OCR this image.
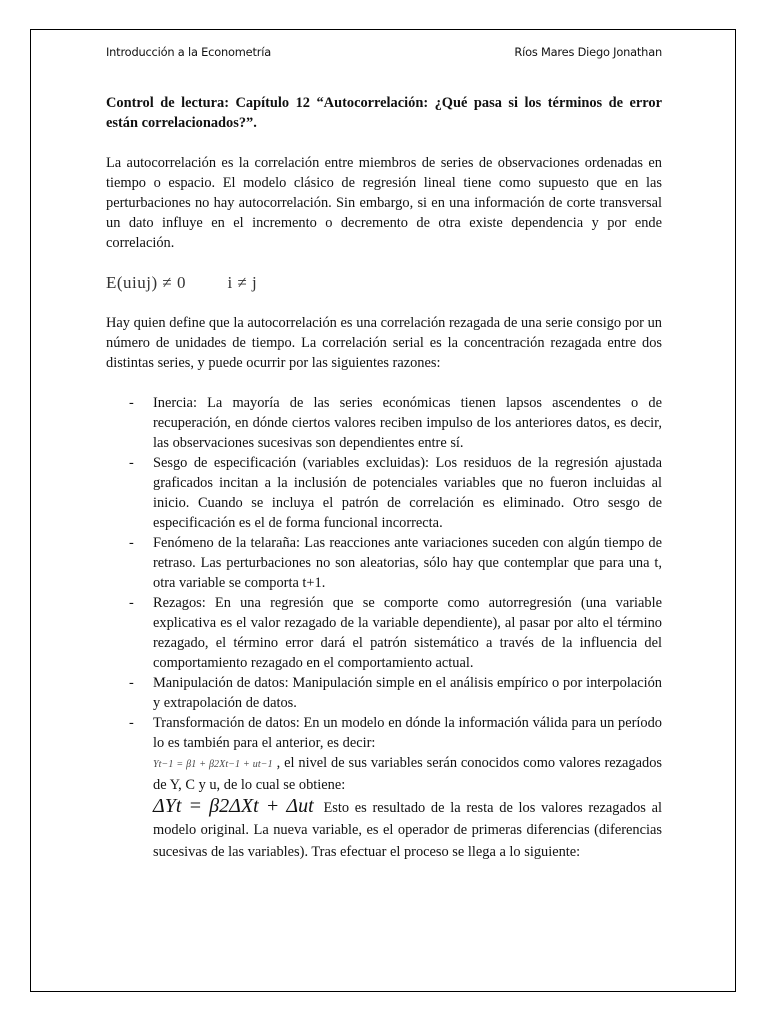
Introducción a la Econometría	Ríos Mares Diego Jonathan

Control de lectura: Capítulo 12 “Autocorrelación: ¿Qué pasa si los términos de error están correlacionados?”.

La autocorrelación es la correlación entre miembros de series de observaciones ordenadas en tiempo o espacio. El modelo clásico de regresión lineal tiene como supuesto que en las perturbaciones no hay autocorrelación. Sin embargo, si en una información de corte transversal un dato influye en el incremento o decremento de otra existe dependencia y por ende correlación.

E(uiuj) ≠ 0 i ≠ j

Hay quien define que la autocorrelación es una correlación rezagada de una serie consigo por un número de unidades de tiempo. La correlación serial es la concentración rezagada entre dos distintas series, y puede ocurrir por las siguientes razones:

- Inercia: La mayoría de las series económicas tienen lapsos ascendentes o de recuperación, en dónde ciertos valores reciben impulso de los anteriores datos, es decir, las observaciones sucesivas son dependientes entre sí.
- Sesgo de especificación (variables excluidas): Los residuos de la regresión ajustada graficados incitan a la inclusión de potenciales variables que no fueron incluidas al inicio. Cuando se incluya el patrón de correlación es eliminado. Otro sesgo de especificación es el de forma funcional incorrecta.
- Fenómeno de la telaraña: Las reacciones ante variaciones suceden con algún tiempo de retraso. Las perturbaciones no son aleatorias, sólo hay que contemplar que para una t, otra variable se comporta t+1.
- Rezagos: En una regresión que se comporte como autorregresión (una variable explicativa es el valor rezagado de la variable dependiente), al pasar por alto el término rezagado, el término error dará el patrón sistemático a través de la influencia del comportamiento rezagado en el comportamiento actual.
- Manipulación de datos: Manipulación simple en el análisis empírico o por interpolación y extrapolación de datos.
- Transformación de datos: En un modelo en dónde la información válida para un período lo es también para el anterior, es decir:
Yt−1 = β1 + β2Xt−1 + ut−1 , el nivel de sus variables serán conocidos como valores rezagados de Y, C y u, de lo cual se obtiene:
ΔYt = β2ΔXt + Δut Esto es resultado de la resta de los valores rezagados al modelo original. La nueva variable, es el operador de primeras diferencias (diferencias sucesivas de las variables). Tras efectuar el proceso se llega a lo siguiente:
